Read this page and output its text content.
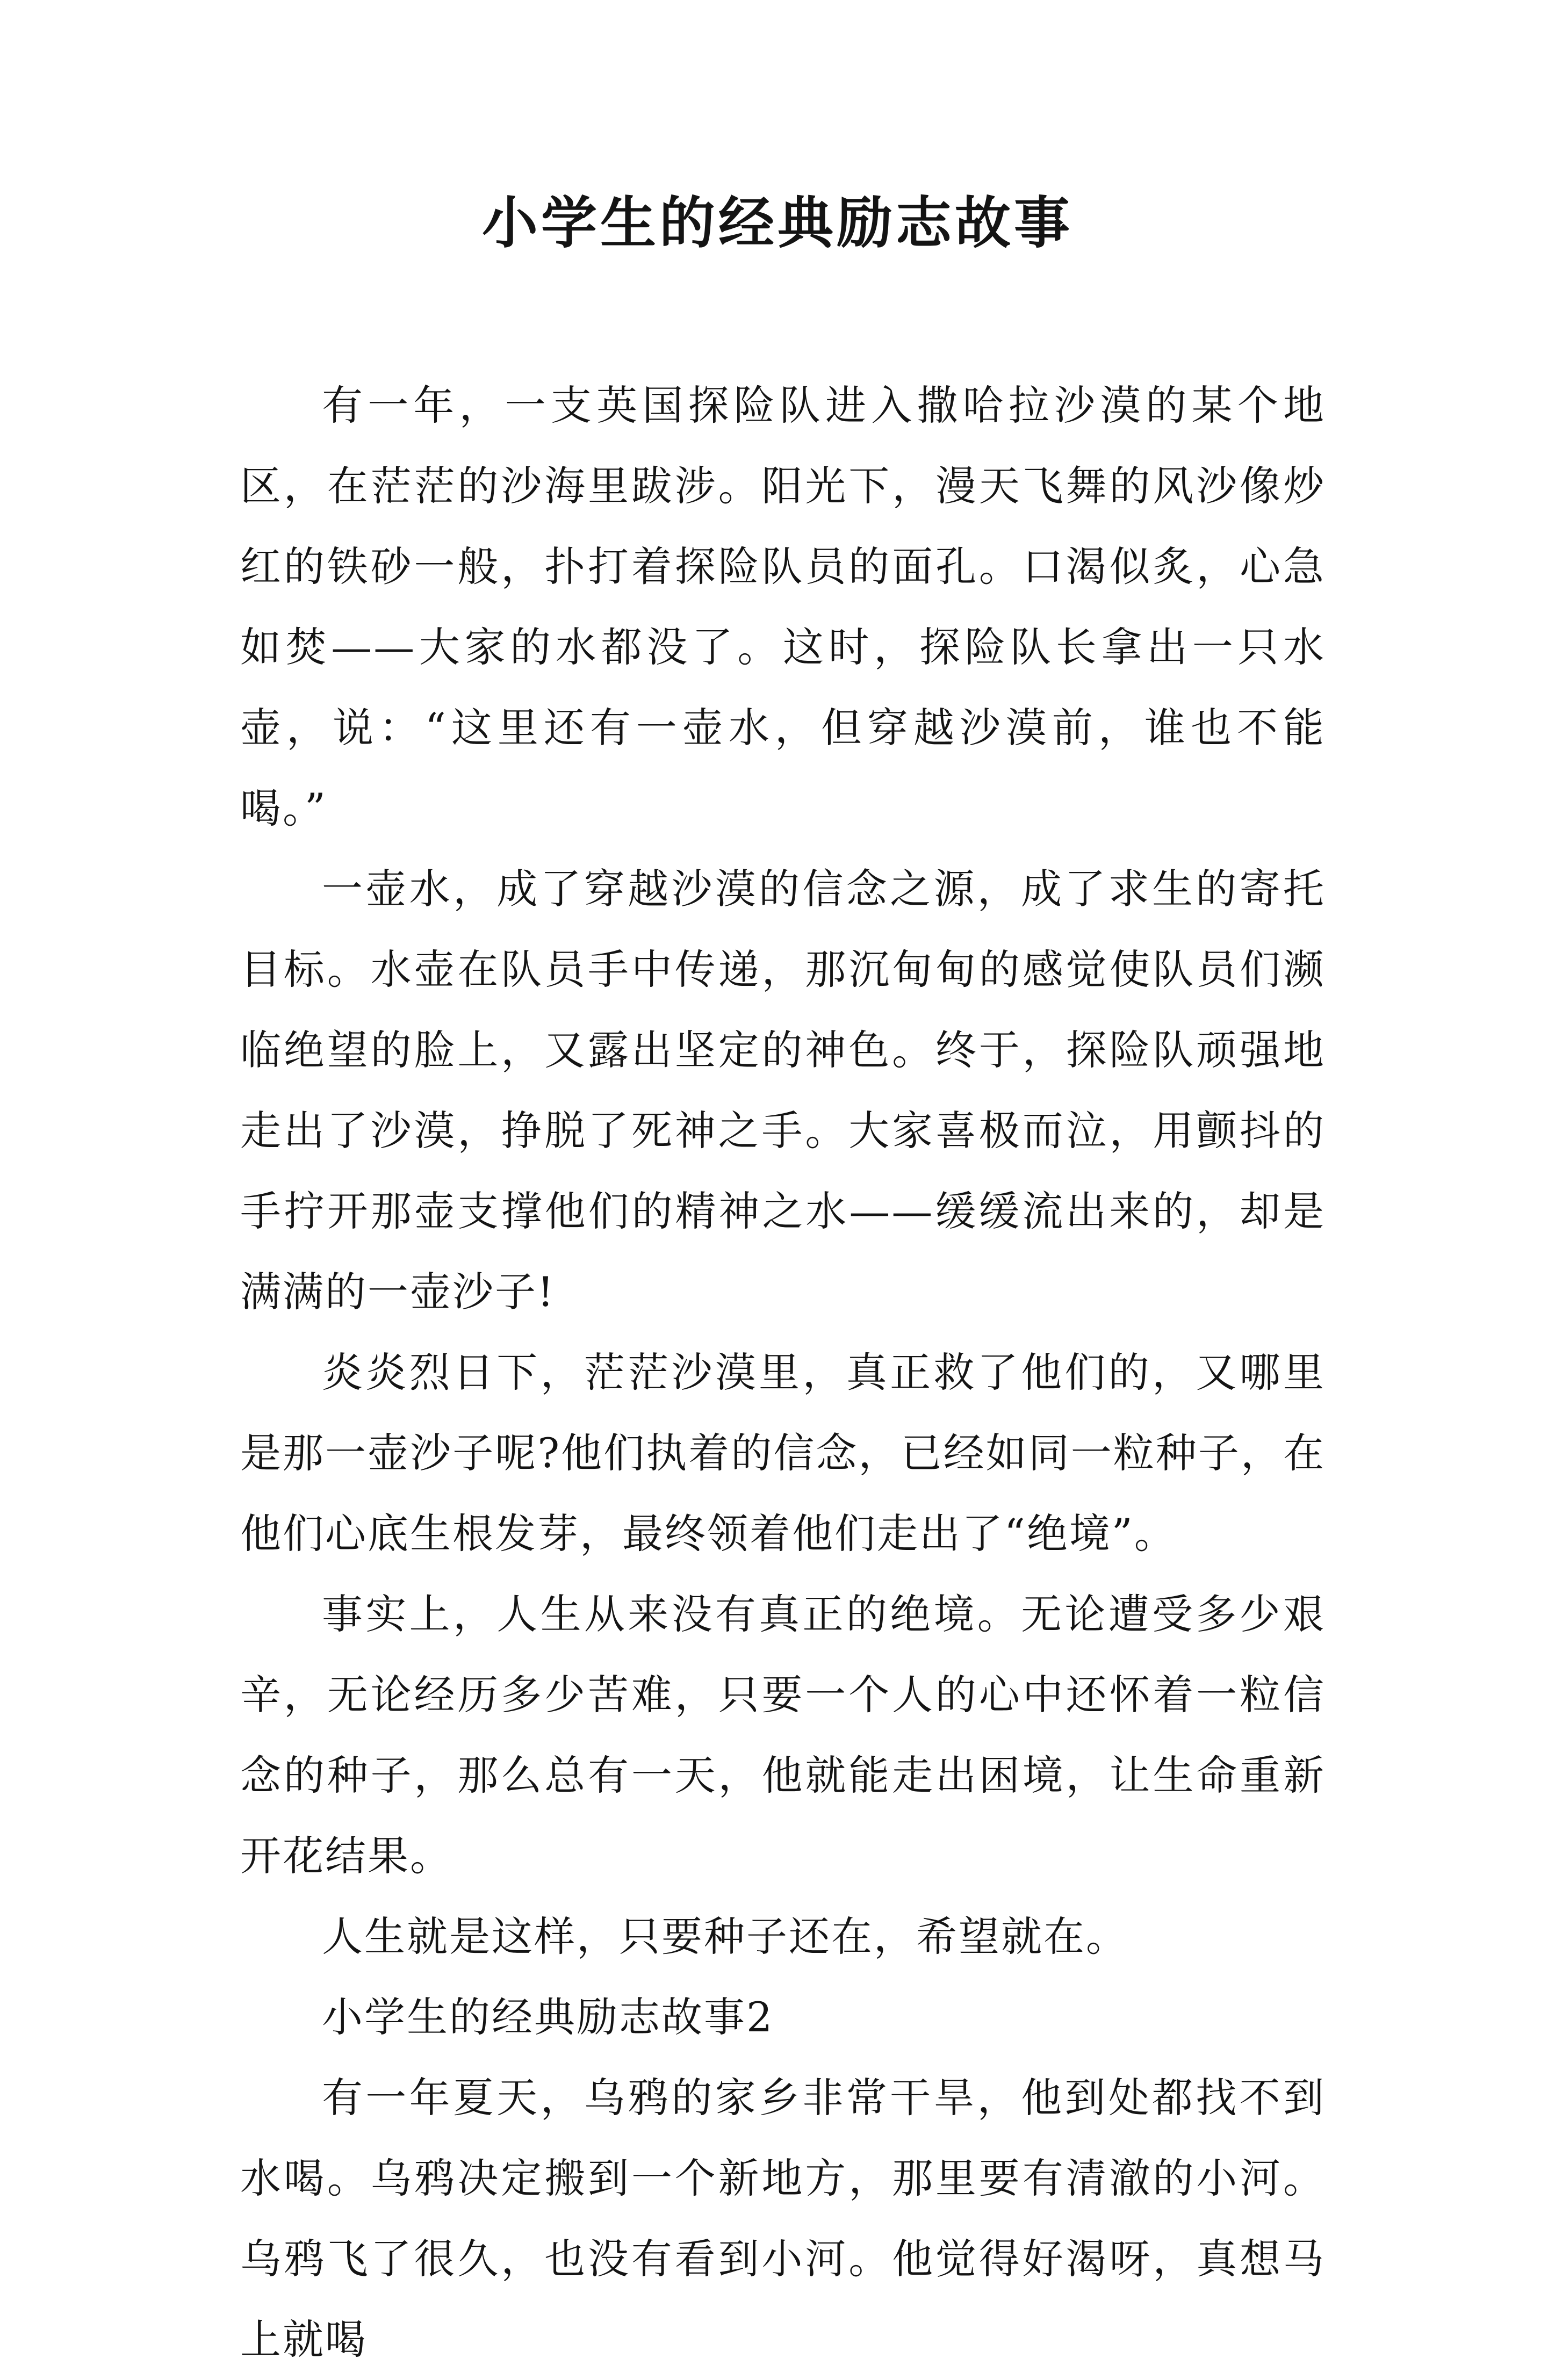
小学生的经典励志故事

有一年，一支英国探险队进入撒哈拉沙漠的某个地区，在茫茫的沙海里跋涉。阳光下，漫天飞舞的风沙像炒红的铁砂一般，扑打着探险队员的面孔。口渴似炙，心急如焚——大家的水都没了。这时，探险队长拿出一只水壶，说：“这里还有一壶水，但穿越沙漠前，谁也不能喝。”

一壶水，成了穿越沙漠的信念之源，成了求生的寄托目标。水壶在队员手中传递，那沉甸甸的感觉使队员们濒临绝望的脸上，又露出坚定的神色。终于，探险队顽强地走出了沙漠，挣脱了死神之手。大家喜极而泣，用颤抖的手拧开那壶支撑他们的精神之水——缓缓流出来的，却是满满的一壶沙子!

炎炎烈日下，茫茫沙漠里，真正救了他们的，又哪里是那一壶沙子呢?他们执着的信念，已经如同一粒种子，在他们心底生根发芽，最终领着他们走出了“绝境”。

事实上，人生从来没有真正的绝境。无论遭受多少艰辛，无论经历多少苦难，只要一个人的心中还怀着一粒信念的种子，那么总有一天，他就能走出困境，让生命重新开花结果。

人生就是这样，只要种子还在，希望就在。

小学生的经典励志故事2

有一年夏天，乌鸦的家乡非常干旱，他到处都找不到水喝。乌鸦决定搬到一个新地方，那里要有清澈的小河。乌鸦飞了很久，也没有看到小河。他觉得好渴呀，真想马上就喝
